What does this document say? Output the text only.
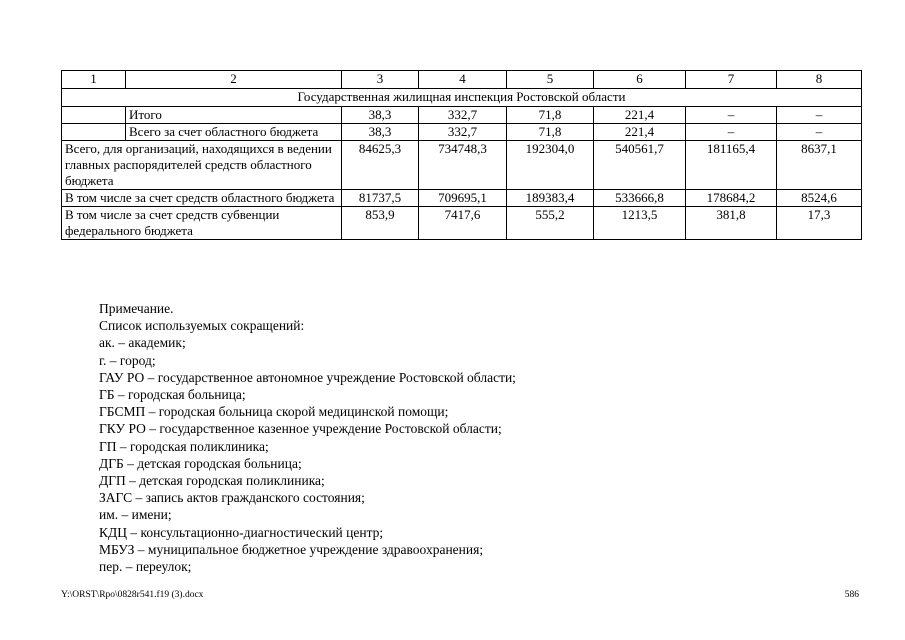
1	2	3	4	5	6	7	8
Государственная жилищная инспекция Ростовской области							
	Итого	38,3	332,7	71,8	221,4	–	–
	Всего за счет областного бюджета	38,3	332,7	71,8	221,4	–	–
Всего, для организаций, находящихся в ведении главных распорядителей средств областного бюджета		84625,3	734748,3	192304,0	540561,7	181165,4	8637,1
В том числе за счет средств областного бюджета		81737,5	709695,1	189383,4	533666,8	178684,2	8524,6
В том числе за счет средств субвенции федерального бюджета		853,9	7417,6	555,2	1213,5	381,8	17,3
Примечание.
Список используемых сокращений:
ак. – академик;
г. – город;
ГАУ РО – государственное автономное учреждение Ростовской области;
ГБ – городская больница;
ГБСМП – городская больница скорой медицинской помощи;
ГКУ РО – государственное казенное учреждение Ростовской области;
ГП – городская поликлиника;
ДГБ – детская городская больница;
ДГП – детская городская поликлиника;
ЗАГС – запись актов гражданского состояния;
им. – имени;
КДЦ – консультационно-диагностический центр;
МБУЗ – муниципальное бюджетное учреждение здравоохранения;
пер. – переулок;
Y:\ORST\Rpo\0828r541.f19 (3).docx	586
